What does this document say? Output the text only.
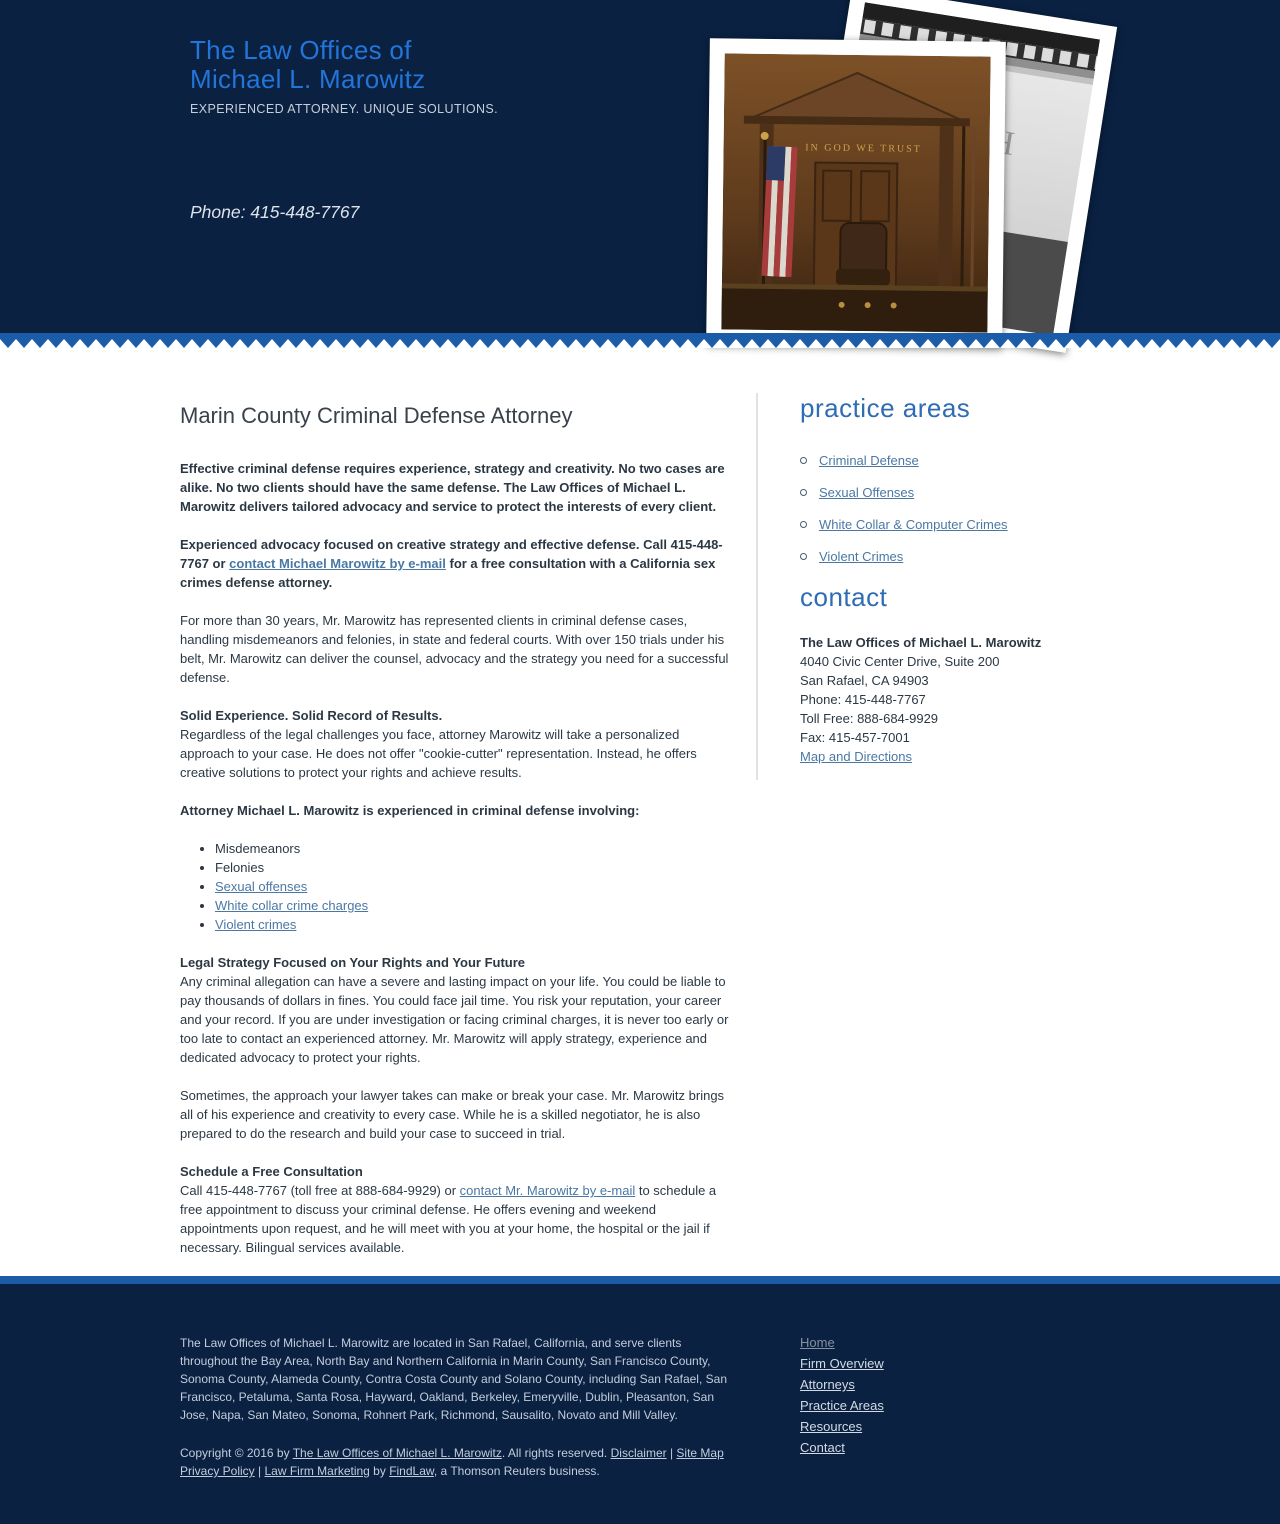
The Law Offices of
Michael L. Marowitz
EXPERIENCED ATTORNEY. UNIQUE SOLUTIONS.
Phone: 415-448-7767
H
IN GOD WE TRUST
Marin County Criminal Defense Attorney

Effective criminal defense requires experience, strategy and creativity. No two cases are alike. No two clients should have the same defense. The Law Offices of Michael L. Marowitz delivers tailored advocacy and service to protect the interests of every client.

Experienced advocacy focused on creative strategy and effective defense. Call 415-448-7767 or contact Michael Marowitz by e-mail for a free consultation with a California sex crimes defense attorney.

For more than 30 years, Mr. Marowitz has represented clients in criminal defense cases, handling misdemeanors and felonies, in state and federal courts. With over 150 trials under his belt, Mr. Marowitz can deliver the counsel, advocacy and the strategy you need for a successful defense.

Solid Experience. Solid Record of Results.

Regardless of the legal challenges you face, attorney Marowitz will take a personalized approach to your case. He does not offer "cookie-cutter" representation. Instead, he offers creative solutions to protect your rights and achieve results.

Attorney Michael L. Marowitz is experienced in criminal defense involving:

• Misdemeanors
• Felonies
• Sexual offenses
• White collar crime charges
• Violent crimes

Legal Strategy Focused on Your Rights and Your Future

Any criminal allegation can have a severe and lasting impact on your life. You could be liable to pay thousands of dollars in fines. You could face jail time. You risk your reputation, your career and your record. If you are under investigation or facing criminal charges, it is never too early or too late to contact an experienced attorney. Mr. Marowitz will apply strategy, experience and dedicated advocacy to protect your rights.

Sometimes, the approach your lawyer takes can make or break your case. Mr. Marowitz brings all of his experience and creativity to every case. While he is a skilled negotiator, he is also prepared to do the research and build your case to succeed in trial.

Schedule a Free Consultation

Call 415-448-7767 (toll free at 888-684-9929) or contact Mr. Marowitz by e-mail to schedule a free appointment to discuss your criminal defense. He offers evening and weekend appointments upon request, and he will meet with you at your home, the hospital or the jail if necessary. Bilingual services available.

practice areas
Criminal Defense
Sexual Offenses
White Collar & Computer Crimes
Violent Crimes
contact
The Law Offices of Michael L. Marowitz
4040 Civic Center Drive, Suite 200
San Rafael, CA 94903
Phone: 415-448-7767
Toll Free: 888-684-9929
Fax: 415-457-7001
Map and Directions

The Law Offices of Michael L. Marowitz are located in San Rafael, California, and serve clients throughout the Bay Area, North Bay and Northern California in Marin County, San Francisco County, Sonoma County, Alameda County, Contra Costa County and Solano County, including San Rafael, San Francisco, Petaluma, Santa Rosa, Hayward, Oakland, Berkeley, Emeryville, Dublin, Pleasanton, San Jose, Napa, San Mateo, Sonoma, Rohnert Park, Richmond, Sausalito, Novato and Mill Valley.

Copyright © 2016 by The Law Offices of Michael L. Marowitz. All rights reserved. Disclaimer | Site Map

Privacy Policy | Law Firm Marketing by FindLaw, a Thomson Reuters business.

Home
Firm Overview
Attorneys
Practice Areas
Resources
Contact
